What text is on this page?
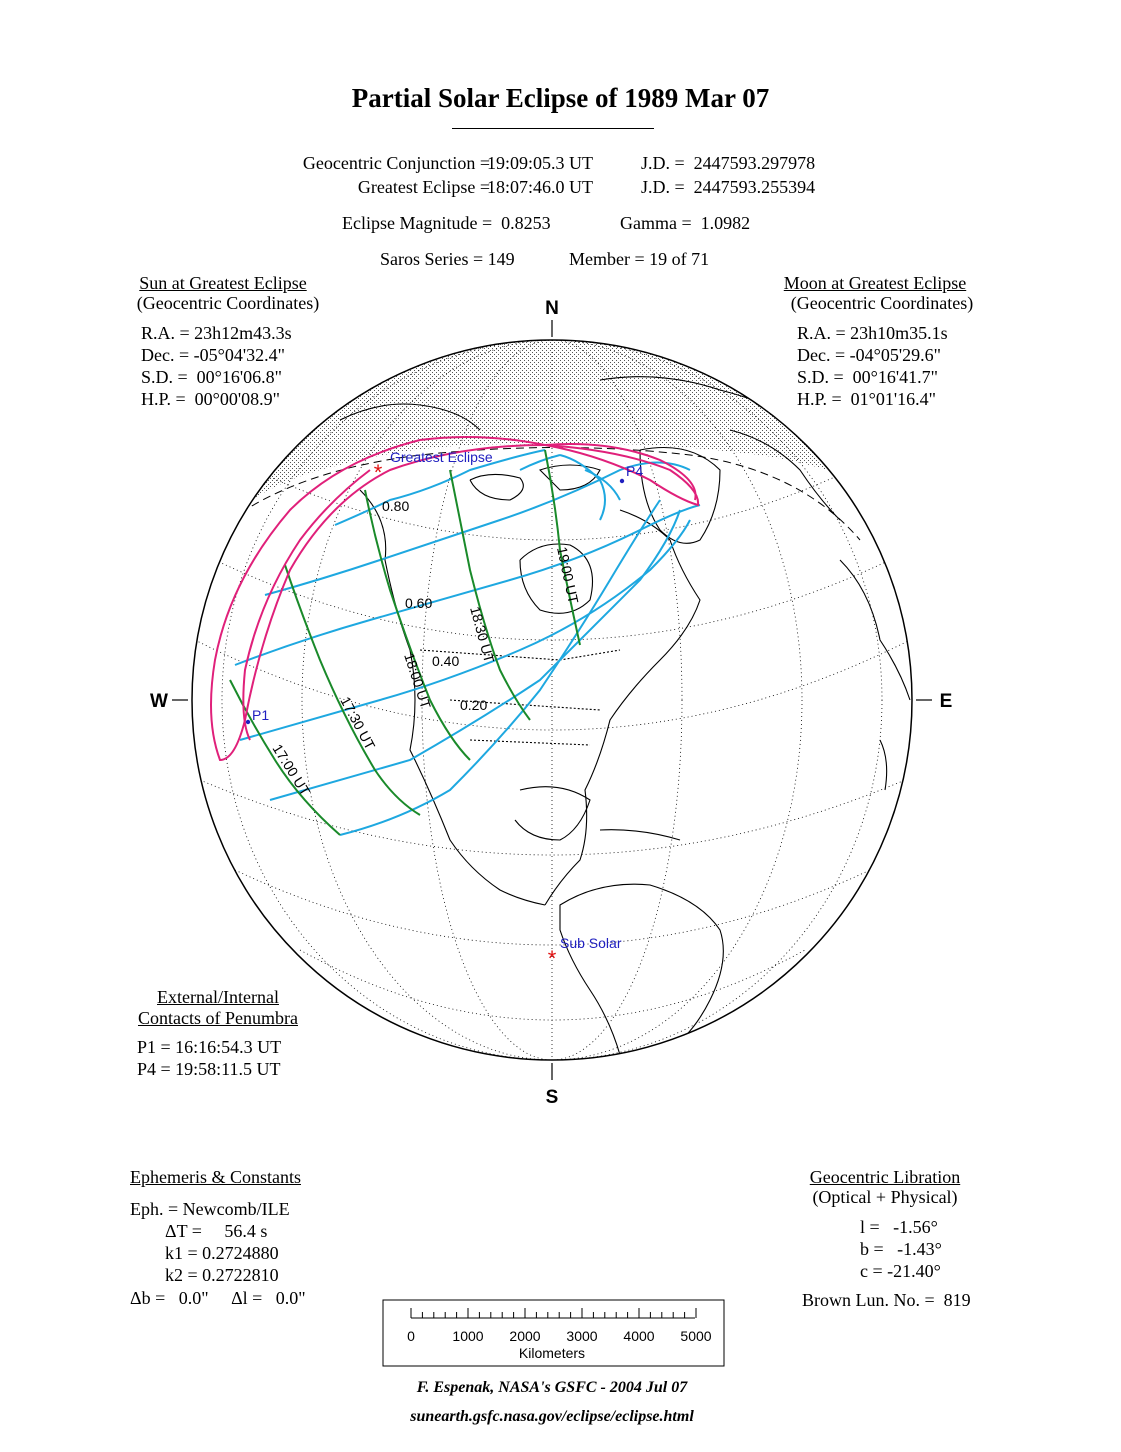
*
*
Greatest Eclipse
Sub Solar
P1
P4
0.80
0.60
0.40
0.20
19:00 UT
18:30 UT
18:00 UT
17:30 UT
17:00 UT
N
S
W	E
0	1000 2000 3000 4000 5000
Kilometers
Partial Solar Eclipse of 1989 Mar 07
Geocentric Conjunction =
19:09:05.3 UT	J.D. =  2447593.297978
Greatest Eclipse =
18:07:46.0 UT	J.D. =  2447593.255394
Eclipse Magnitude =  0.8253	Gamma =  1.0982
Saros Series = 149	Member = 19 of 71
Sun at Greatest Eclipse
(Geocentric Coordinates)
R.A. = 23h12m43.3s
Dec. = -05°04'32.4"
S.D. =  00°16'06.8"
H.P. =  00°00'08.9"
Moon at Greatest Eclipse
(Geocentric Coordinates)
R.A. = 23h10m35.1s
Dec. = -04°05'29.6"
S.D. =  00°16'41.7"
H.P. =  01°01'16.4"
External/Internal
Contacts of Penumbra
P1 = 16:16:54.3 UT
P4 = 19:58:11.5 UT
Ephemeris & Constants
Eph. = Newcomb/ILE
ΔT =     56.4 s
k1 = 0.2724880
k2 = 0.2722810
Δb =   0.0"     Δl =   0.0"
Geocentric Libration
(Optical + Physical)
l =   -1.56°
b =   -1.43°
c = -21.40°
Brown Lun. No. =  819
F. Espenak, NASA's GSFC - 2004 Jul 07
sunearth.gsfc.nasa.gov/eclipse/eclipse.html
